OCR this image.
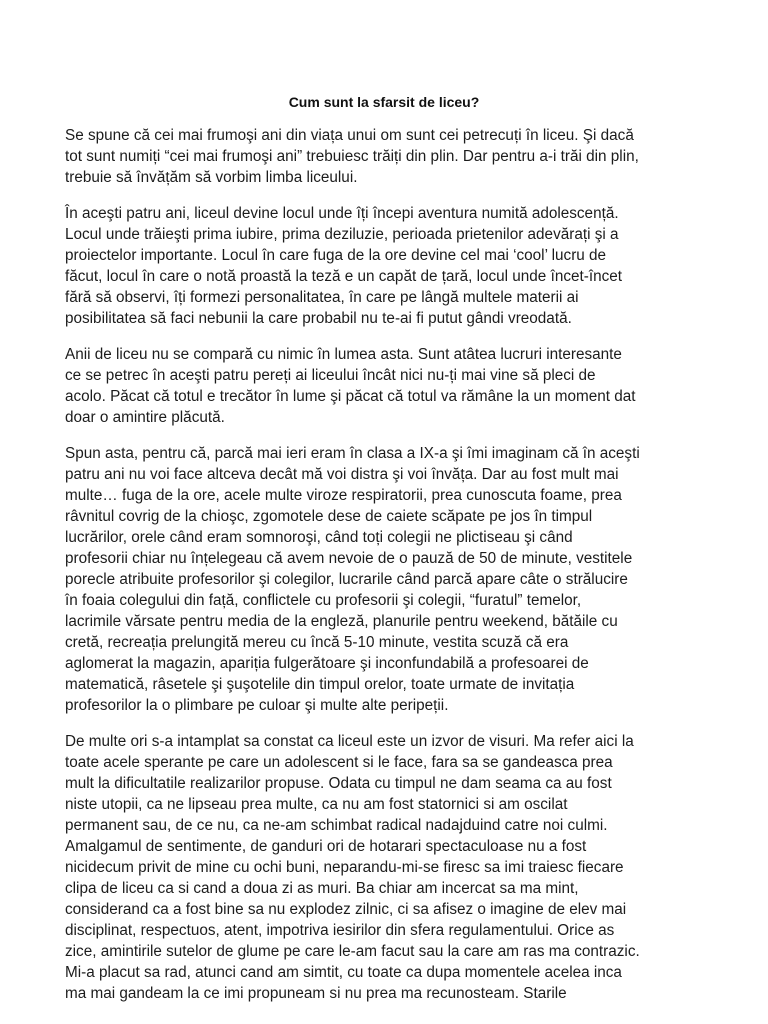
Cum sunt la sfarsit de liceu?
Se spune că cei mai frumoşi ani din viața unui om sunt cei petrecuți în liceu. Şi dacă
tot sunt numiți “cei mai frumoşi ani” trebuiesc trăiți din plin. Dar pentru a-i trăi din plin,
trebuie să învățăm să vorbim limba liceului.
În aceşti patru ani, liceul devine locul unde îți începi aventura numită adolescență.
Locul unde trăieşti prima iubire, prima deziluzie, perioada prietenilor adevărați şi a
proiectelor importante. Locul în care fuga de la ore devine cel mai ‘cool’ lucru de
făcut, locul în care o notă proastă la teză e un capăt de țară, locul unde încet-încet
fără să observi, îți formezi personalitatea, în care pe lângă multele materii ai
posibilitatea să faci nebunii la care probabil nu te-ai fi putut gândi vreodată.
Anii de liceu nu se compară cu nimic în lumea asta. Sunt atâtea lucruri interesante
ce se petrec în aceşti patru pereți ai liceului încât nici nu-ți mai vine să pleci de
acolo. Păcat că totul e trecător în lume şi păcat că totul va rămâne la un moment dat
doar o amintire plăcută.
Spun asta, pentru că, parcă mai ieri eram în clasa a IX-a şi îmi imaginam că în aceşti
patru ani nu voi face altceva decât mă voi distra şi voi învăța. Dar au fost mult mai
multe… fuga de la ore, acele multe viroze respiratorii, prea cunoscuta foame, prea
râvnitul covrig de la chioşc, zgomotele dese de caiete scăpate pe jos în timpul
lucrărilor, orele când eram somnoroşi, când toți colegii ne plictiseau şi când
profesorii chiar nu înțelegeau că avem nevoie de o pauză de 50 de minute, vestitele
porecle atribuite profesorilor şi colegilor, lucrarile când parcă apare câte o strălucire
în foaia colegului din față, conflictele cu profesorii şi colegii, “furatul” temelor,
lacrimile vărsate pentru media de la engleză, planurile pentru weekend, bătăile cu
cretă, recreația prelungită mereu cu încă 5-10 minute, vestita scuză că era
aglomerat la magazin, apariția fulgerătoare şi inconfundabilă a profesoarei de
matematică, râsetele şi şuşotelile din timpul orelor, toate urmate de invitația
profesorilor la o plimbare pe culoar şi multe alte peripeții.
De multe ori s-a intamplat sa constat ca liceul este un izvor de visuri. Ma refer aici la
toate acele sperante pe care un adolescent si le face, fara sa se gandeasca prea
mult la dificultatile realizarilor propuse. Odata cu timpul ne dam seama ca au fost
niste utopii, ca ne lipseau prea multe, ca nu am fost statornici si am oscilat
permanent sau, de ce nu, ca ne-am schimbat radical nadajduind catre noi culmi.
Amalgamul de sentimente, de ganduri ori de hotarari spectaculoase nu a fost
nicidecum privit de mine cu ochi buni, neparandu-mi-se firesc sa imi traiesc fiecare
clipa de liceu ca si cand a doua zi as muri. Ba chiar am incercat sa ma mint,
considerand ca a fost bine sa nu explodez zilnic, ci sa afisez o imagine de elev mai
disciplinat, respectuos, atent, impotriva iesirilor din sfera regulamentului. Orice as
zice, amintirile sutelor de glume pe care le-am facut sau la care am ras ma contrazic.
Mi-a placut sa rad, atunci cand am simtit, cu toate ca dupa momentele acelea inca
ma mai gandeam la ce imi propuneam si nu prea ma recunosteam. Starile
